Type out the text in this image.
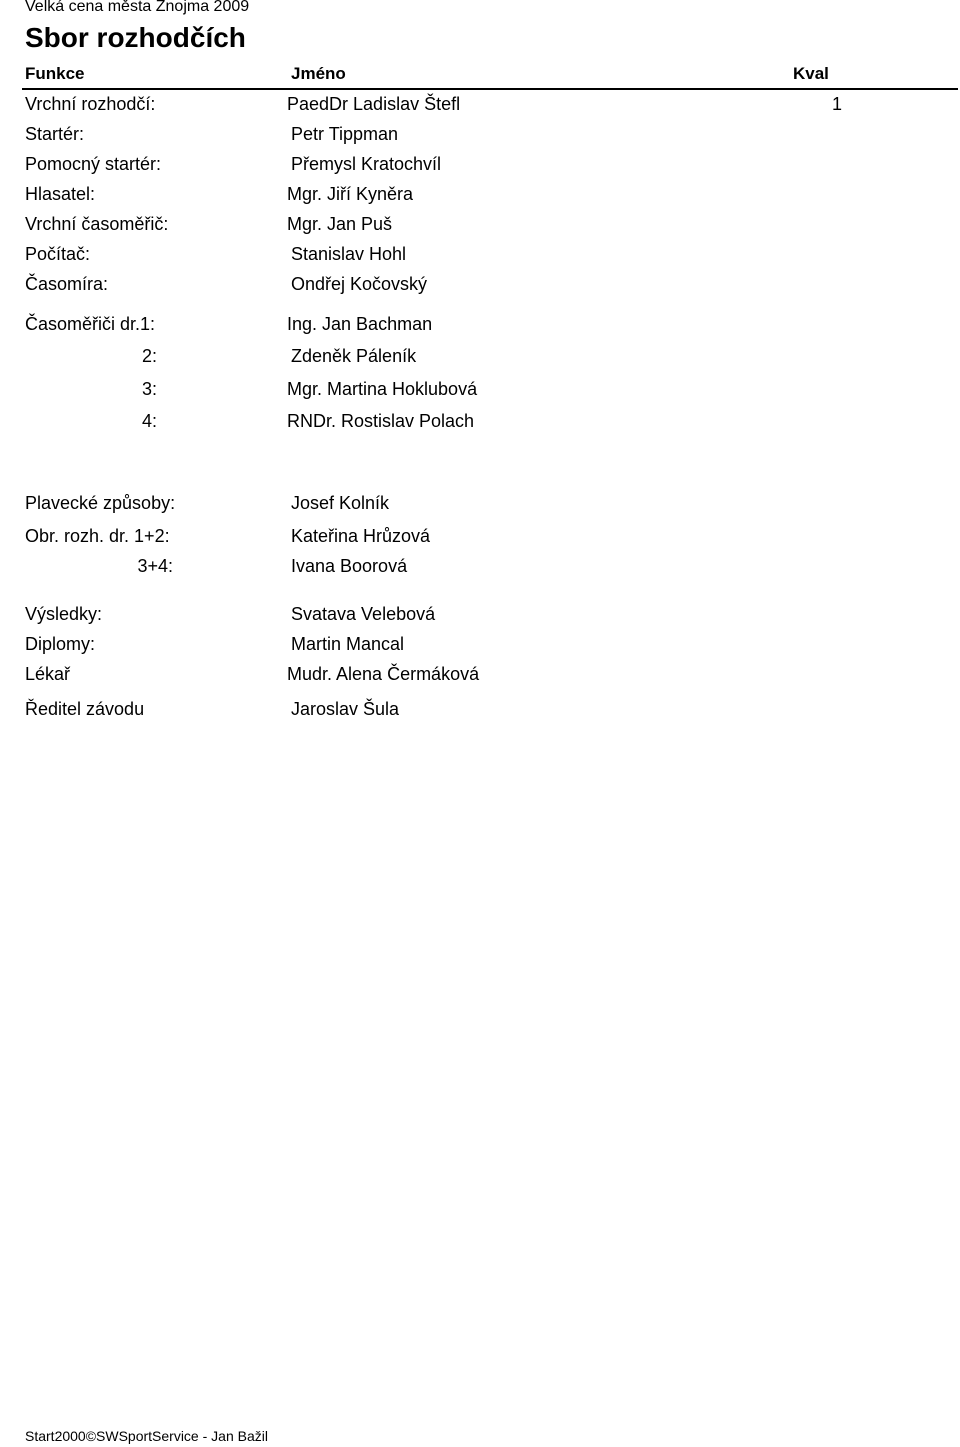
Velká cena města Znojma 2009
Sbor rozhodčích
Funkce	Jméno	Kval
Vrchní rozhodčí:	PaedDr Ladislav Štefl	1
Startér:	Petr Tippman
Pomocný startér:	Přemysl Kratochvíl
Hlasatel:	Mgr. Jiří Kyněra
Vrchní časoměřič:	Mgr. Jan Puš
Počítač:	Stanislav Hohl
Časomíra:	Ondřej Kočovský
Časoměřiči dr.1:	Ing. Jan Bachman
2:	Zdeněk Páleník
3:	Mgr. Martina Hoklubová
4:	RNDr. Rostislav Polach
Plavecké způsoby:	Josef Kolník
Obr. rozh. dr. 1+2:	Kateřina Hrůzová
3+4:	Ivana Boorová
Výsledky:	Svatava Velebová
Diplomy:	Martin Mancal
Lékař	Mudr. Alena Čermáková
Ředitel závodu	Jaroslav Šula
Start2000©SWSportService - Jan Bažil
